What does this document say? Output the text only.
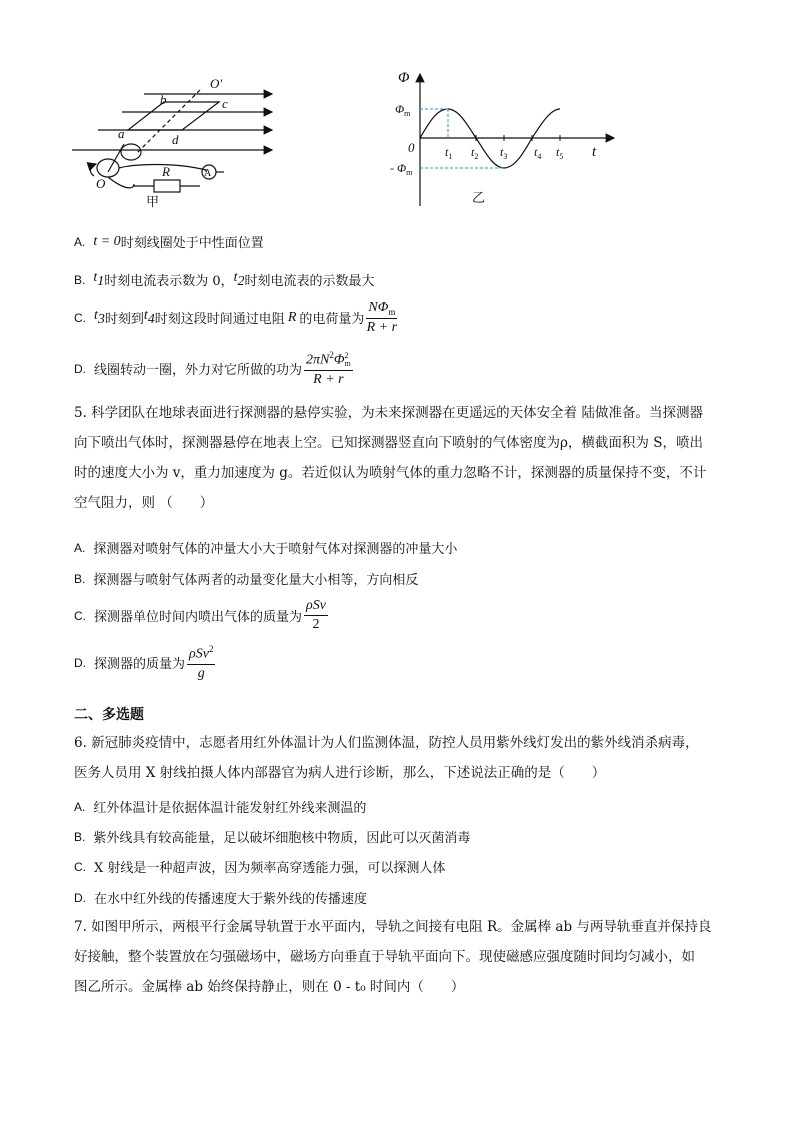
O′
b	c
a	d
O
R	A
甲
Φ
$\Phi_m$
0
- $\Phi_m$
$t_1$ $t_2$ $t_3$ $t_4$ $t_5$ t
乙
A. t = 0 时刻线圈处于中性面位置
B. $t_1$ 时刻电流表示数为 0， $t_2$ 时刻电流表的示数最大
C. $t_3$ 时刻到 $t_4$ 时刻这段时间通过电阻 R 的电荷量为 $\frac{N\Phi_m}{R + r}$
D. 线圈转动一圈，外力对它所做的功为 $2\pi N^2\Phi$ 2
m
R + r
5. 科学团队在地球表面进行探测器的悬停实验，为未来探测器在更遥远的天体安全着 陆做准备。当探测器
向下喷出气体时，探测器悬停在地表上空。已知探测器竖直向下喷射的气体密度为ρ，横截面积为 S，喷出
时的速度大小为 v，重力加速度为 g。若近似认为喷射气体的重力忽略不计，探测器的质量保持不变，不计
空气阻力，则 （　　）
A. 探测器对喷射气体的冲量大小大于喷射气体对探测器的冲量大小
B. 探测器与喷射气体两者的动量变化量大小相等，方向相反
C. 探测器单位时间内喷出气体的质量为 $\frac{\text{ρSv}}{2}$
D. 探测器的质量为 $\frac{\rho Sv^2}{g}$
二、多选题
6. 新冠肺炎疫情中，志愿者用红外体温计为人们监测体温，防控人员用紫外线灯发出的紫外线消杀病毒，
医务人员用 X 射线拍摄人体内部器官为病人进行诊断，那么，下述说法正确的是（　　）
A. 红外体温计是依据体温计能发射红外线来测温的
B. 紫外线具有较高能量，足以破坏细胞核中物质，因此可以灭菌消毒
C. X 射线是一种超声波，因为频率高穿透能力强，可以探测人体
D. 在水中红外线的传播速度大于紫外线的传播速度
7. 如图甲所示，两根平行金属导轨置于水平面内，导轨之间接有电阻 R。金属棒 ab 与两导轨垂直并保持良
好接触，整个装置放在匀强磁场中，磁场方向垂直于导轨平面向下。现使磁感应强度随时间均匀减小，如
图乙所示。金属棒 ab 始终保持静止，则在 0 - t₀ 时间内（　　）
